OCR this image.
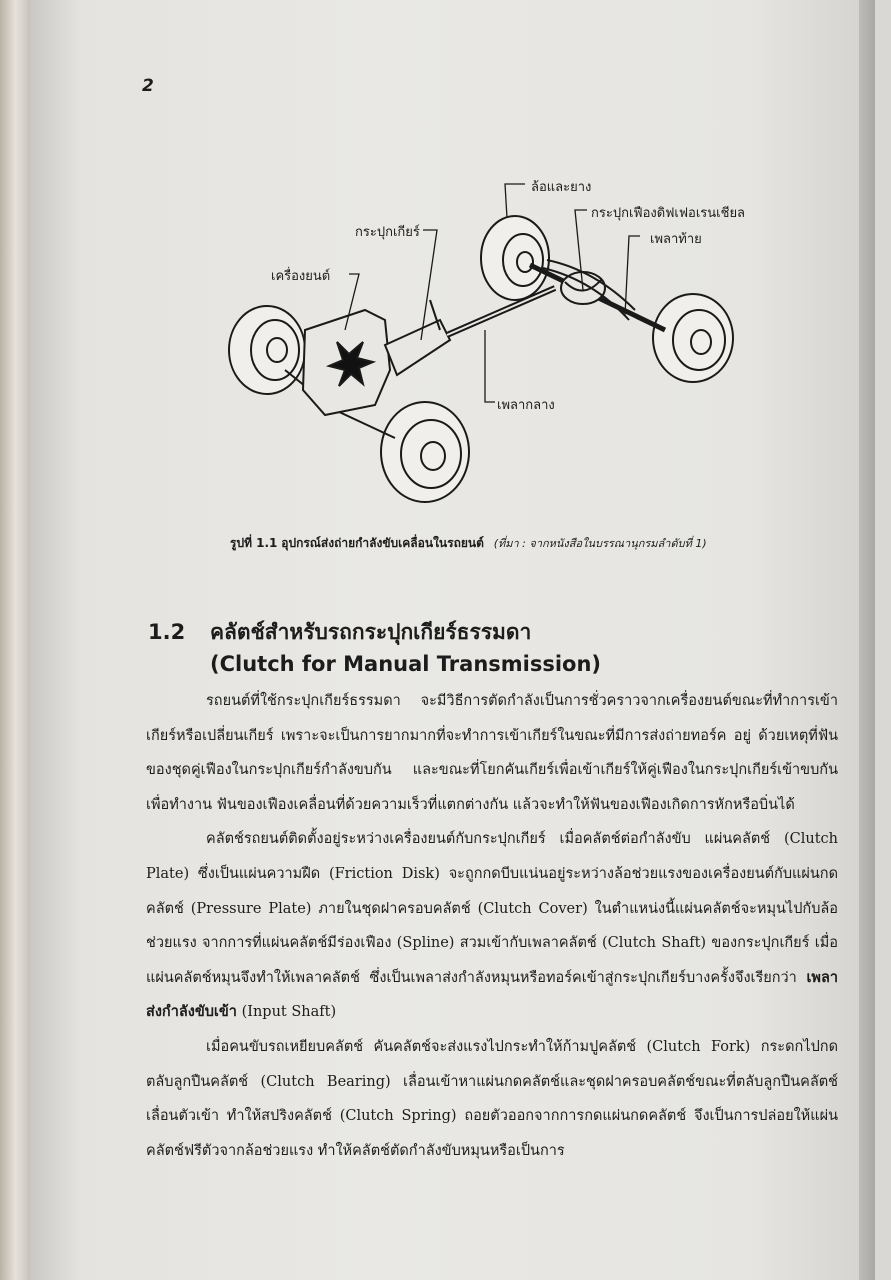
2
ล้อและยาง
กระปุกเฟืองดิฟเฟอเรนเชียล
กระปุกเกียร์	เพลาท้าย
เครื่องยนต์
เพลากลาง
รูปที่ 1.1 อุปกรณ์ส่งถ่ายกำลังขับเคลื่อนในรถยนต์ (ที่มา : จากหนังสือในบรรณานุกรมลำดับที่ 1)
1.2 คลัตช์สำหรับรถกระปุกเกียร์ธรรมดา
(Clutch for Manual Transmission)

รถยนต์ที่ใช้กระปุกเกียร์ธรรมดา จะมีวิธีการตัดกำลังเป็นการชั่วคราวจากเครื่องยนต์ขณะที่ทำการเข้าเกียร์หรือเปลี่ยนเกียร์ เพราะจะเป็นการยากมากที่จะทำการเข้าเกียร์ในขณะที่มีการส่งถ่ายทอร์ค อยู่ ด้วยเหตุที่ฟันของชุดคู่เฟืองในกระปุกเกียร์กำลังขบกัน และขณะที่โยกคันเกียร์เพื่อเข้าเกียร์ให้คู่เฟืองในกระปุกเกียร์เข้าขบกันเพื่อทำงาน ฟันของเฟืองเคลื่อนที่ด้วยความเร็วที่แตกต่างกัน แล้วจะทำให้ฟันของเฟืองเกิดการหักหรือบิ่นได้

คลัตช์รถยนต์ติดตั้งอยู่ระหว่างเครื่องยนต์กับกระปุกเกียร์ เมื่อคลัตช์ต่อกำลังขับ แผ่นคลัตช์ (Clutch Plate) ซึ่งเป็นแผ่นความฝืด (Friction Disk) จะถูกกดบีบแน่นอยู่ระหว่างล้อช่วยแรงของเครื่องยนต์กับแผ่นกดคลัตช์ (Pressure Plate) ภายในชุดฝาครอบคลัตช์ (Clutch Cover) ในตำแหน่งนี้แผ่นคลัตช์จะหมุนไปกับล้อช่วยแรง จากการที่แผ่นคลัตช์มีร่องเฟือง (Spline) สวมเข้ากับเพลาคลัตช์ (Clutch Shaft) ของกระปุกเกียร์ เมื่อแผ่นคลัตช์หมุนจึงทำให้เพลาคลัตช์ ซึ่งเป็นเพลาส่งกำลังหมุนหรือทอร์คเข้าสู่กระปุกเกียร์บางครั้งจึงเรียกว่า เพลาส่งกำลังขับเข้า (Input Shaft)

เมื่อคนขับรถเหยียบคลัตช์ คันคลัตช์จะส่งแรงไปกระทำให้ก้ามปูคลัตช์ (Clutch Fork) กระดกไปกดตลับลูกปืนคลัตช์ (Clutch Bearing) เลื่อนเข้าหาแผ่นกดคลัตช์และชุดฝาครอบคลัตช์ขณะที่ตลับลูกปืนคลัตช์เลื่อนตัวเข้า ทำให้สปริงคลัตช์ (Clutch Spring) ถอยตัวออกจากการกดแผ่นกดคลัตช์ จึงเป็นการปล่อยให้แผ่นคลัตช์ฟรีตัวจากล้อช่วยแรง ทำให้คลัตช์ตัดกำลังขับหมุนหรือเป็นการ
